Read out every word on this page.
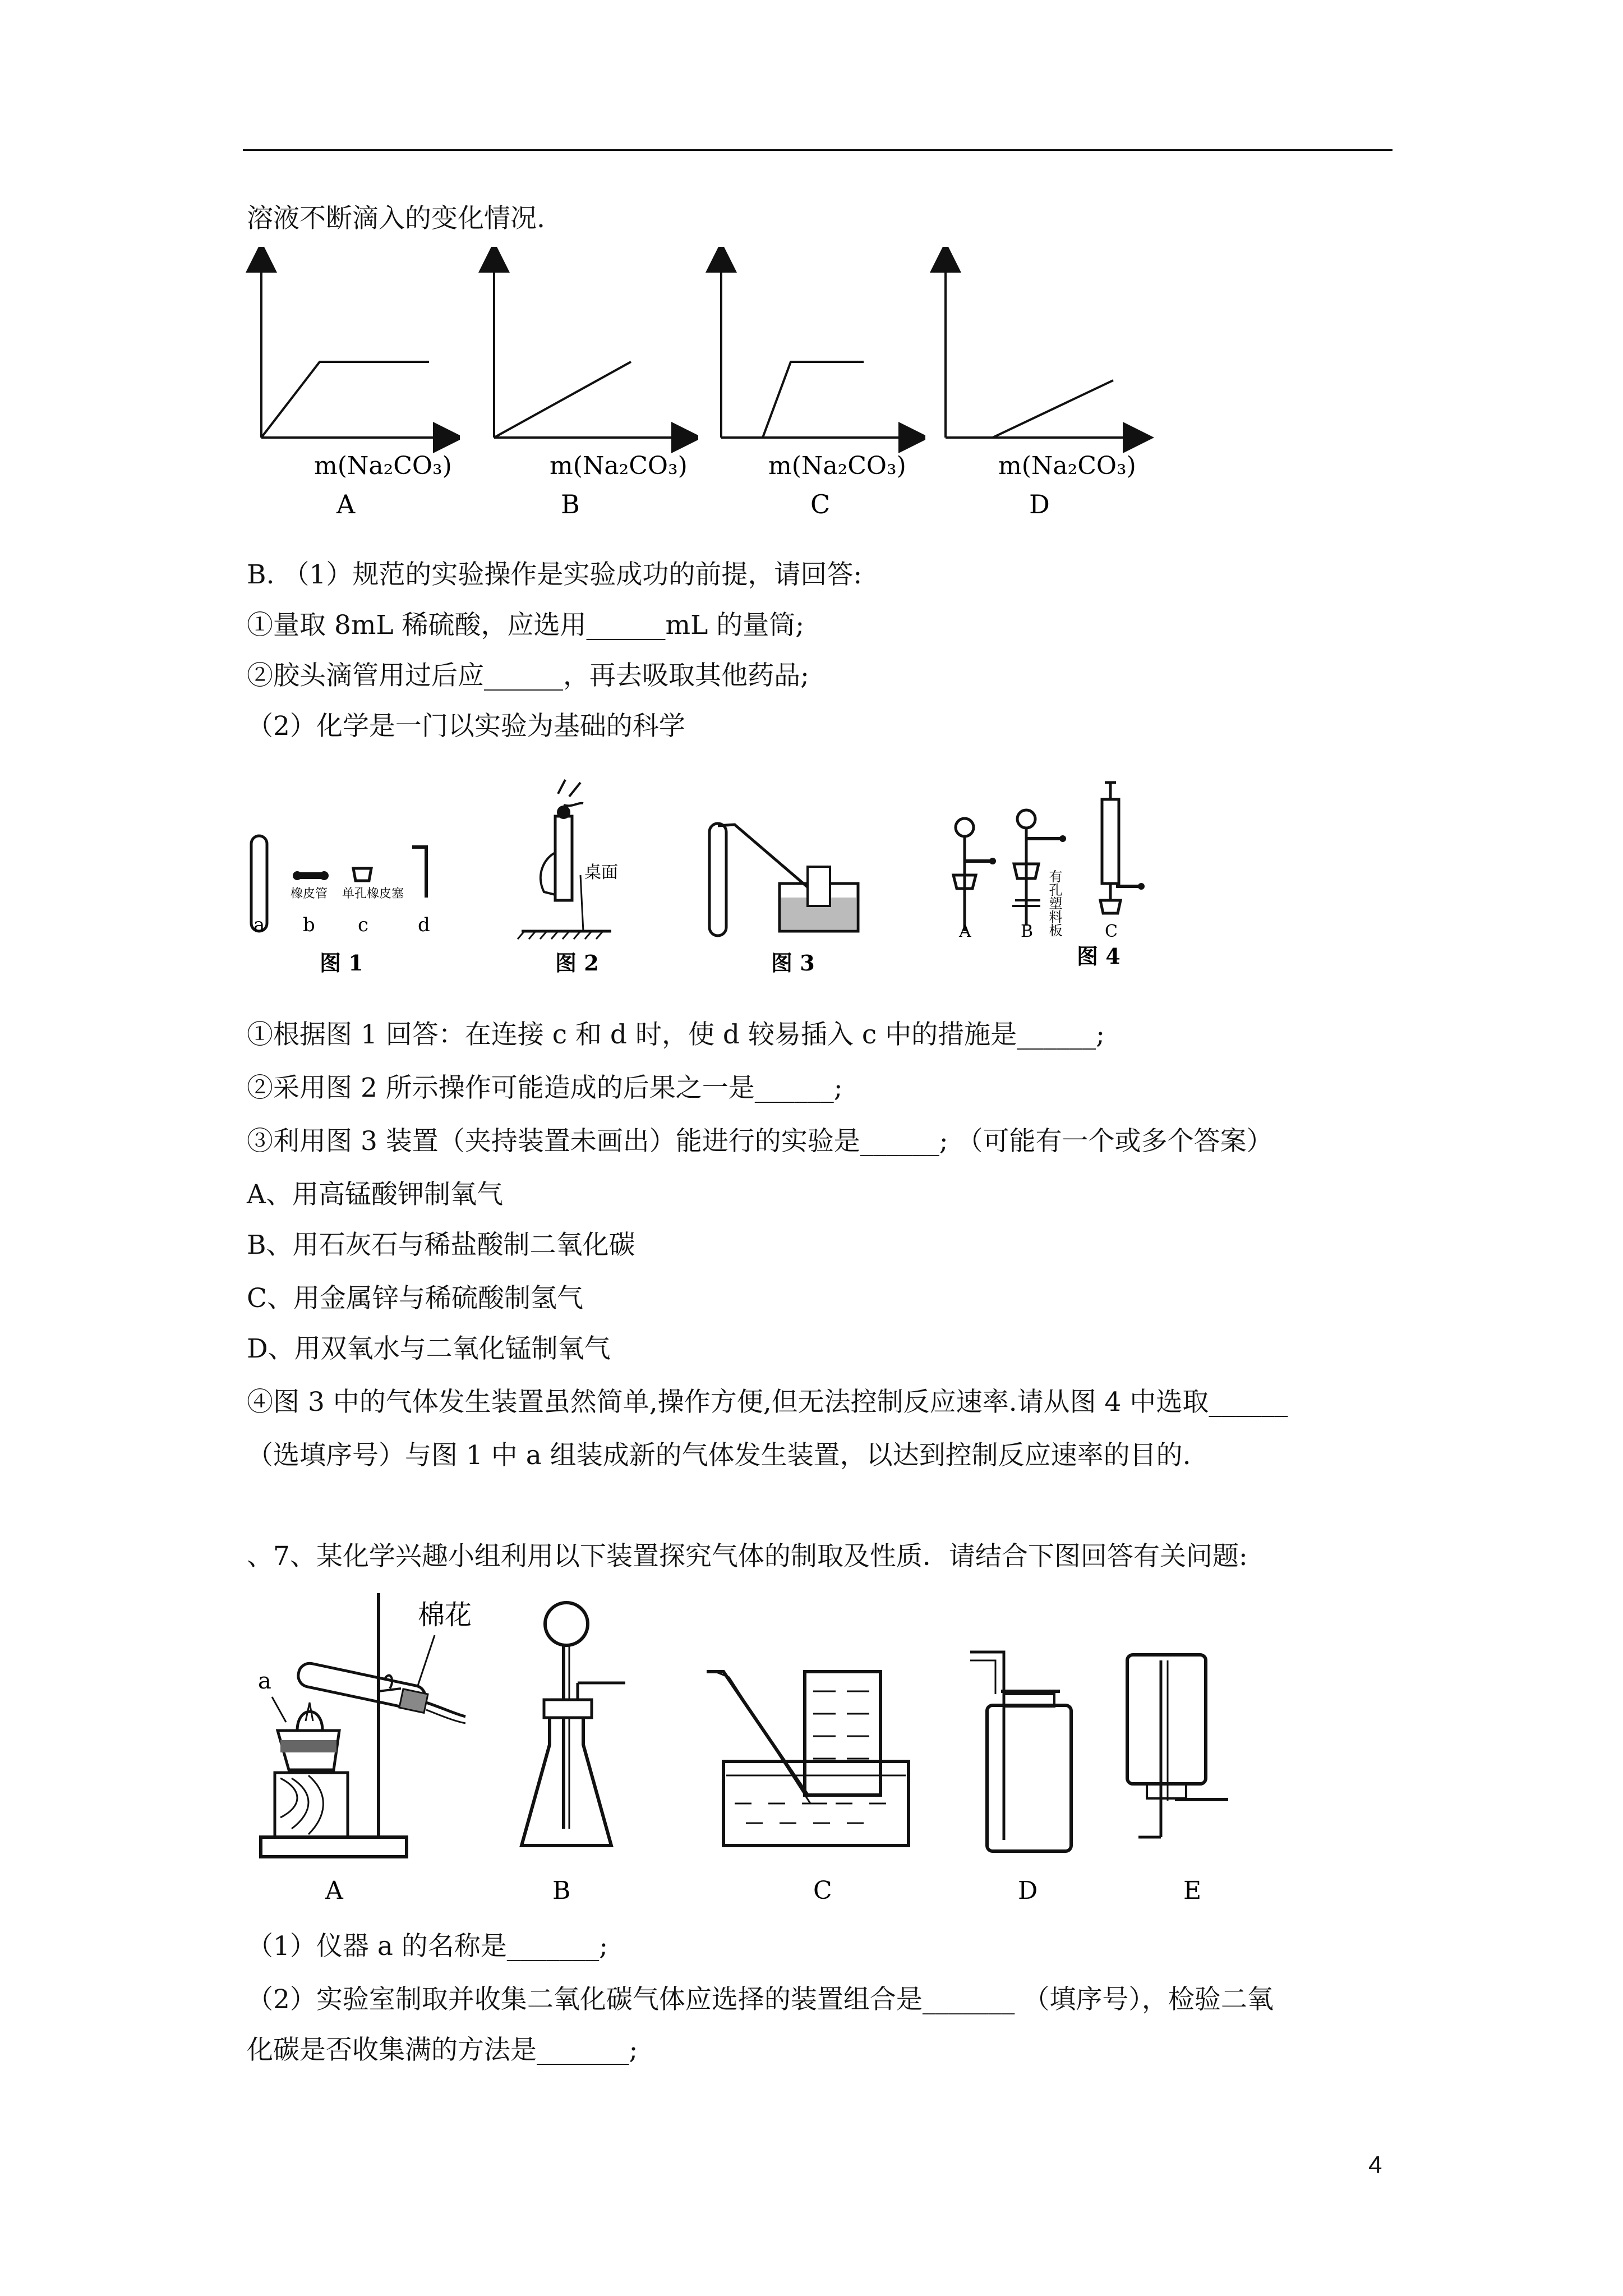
溶液不断滴入的变化情况.
m(Na₂CO₃)
A
m(Na₂CO₃)
B
m(Na₂CO₃)
C
m(Na₂CO₃)
D
B. （1）规范的实验操作是实验成功的前提，请回答:
①量取 8mL 稀硫酸，应选用______mL 的量筒;
②胶头滴管用过后应______，再去吸取其他药品;
（2）化学是一门以实验为基础的科学
橡皮管 单孔橡皮塞
a b c	d
图 1
桌面
图 2	图 3
有孔塑料板
A	B	C
图 4
①根据图 1 回答：在连接 c 和 d 时，使 d 较易插入 c 中的措施是______;
②采用图 2 所示操作可能造成的后果之一是______;
③利用图 3 装置（夹持装置未画出）能进行的实验是______; （可能有一个或多个答案）
A、用高锰酸钾制氧气
B、用石灰石与稀盐酸制二氧化碳
C、用金属锌与稀硫酸制氢气
D、用双氧水与二氧化锰制氧气
④图 3 中的气体发生装置虽然简单,操作方便,但无法控制反应速率.请从图 4 中选取______
（选填序号）与图 1 中 a 组装成新的气体发生装置，以达到控制反应速率的目的.
、7、某化学兴趣小组利用以下装置探究气体的制取及性质．请结合下图回答有关问题:
a
棉花
A	B	C	D	E
（1）仪器 a 的名称是_______;
（2）实验室制取并收集二氧化碳气体应选择的装置组合是_______ （填序号），检验二氧
化碳是否收集满的方法是_______;
4
